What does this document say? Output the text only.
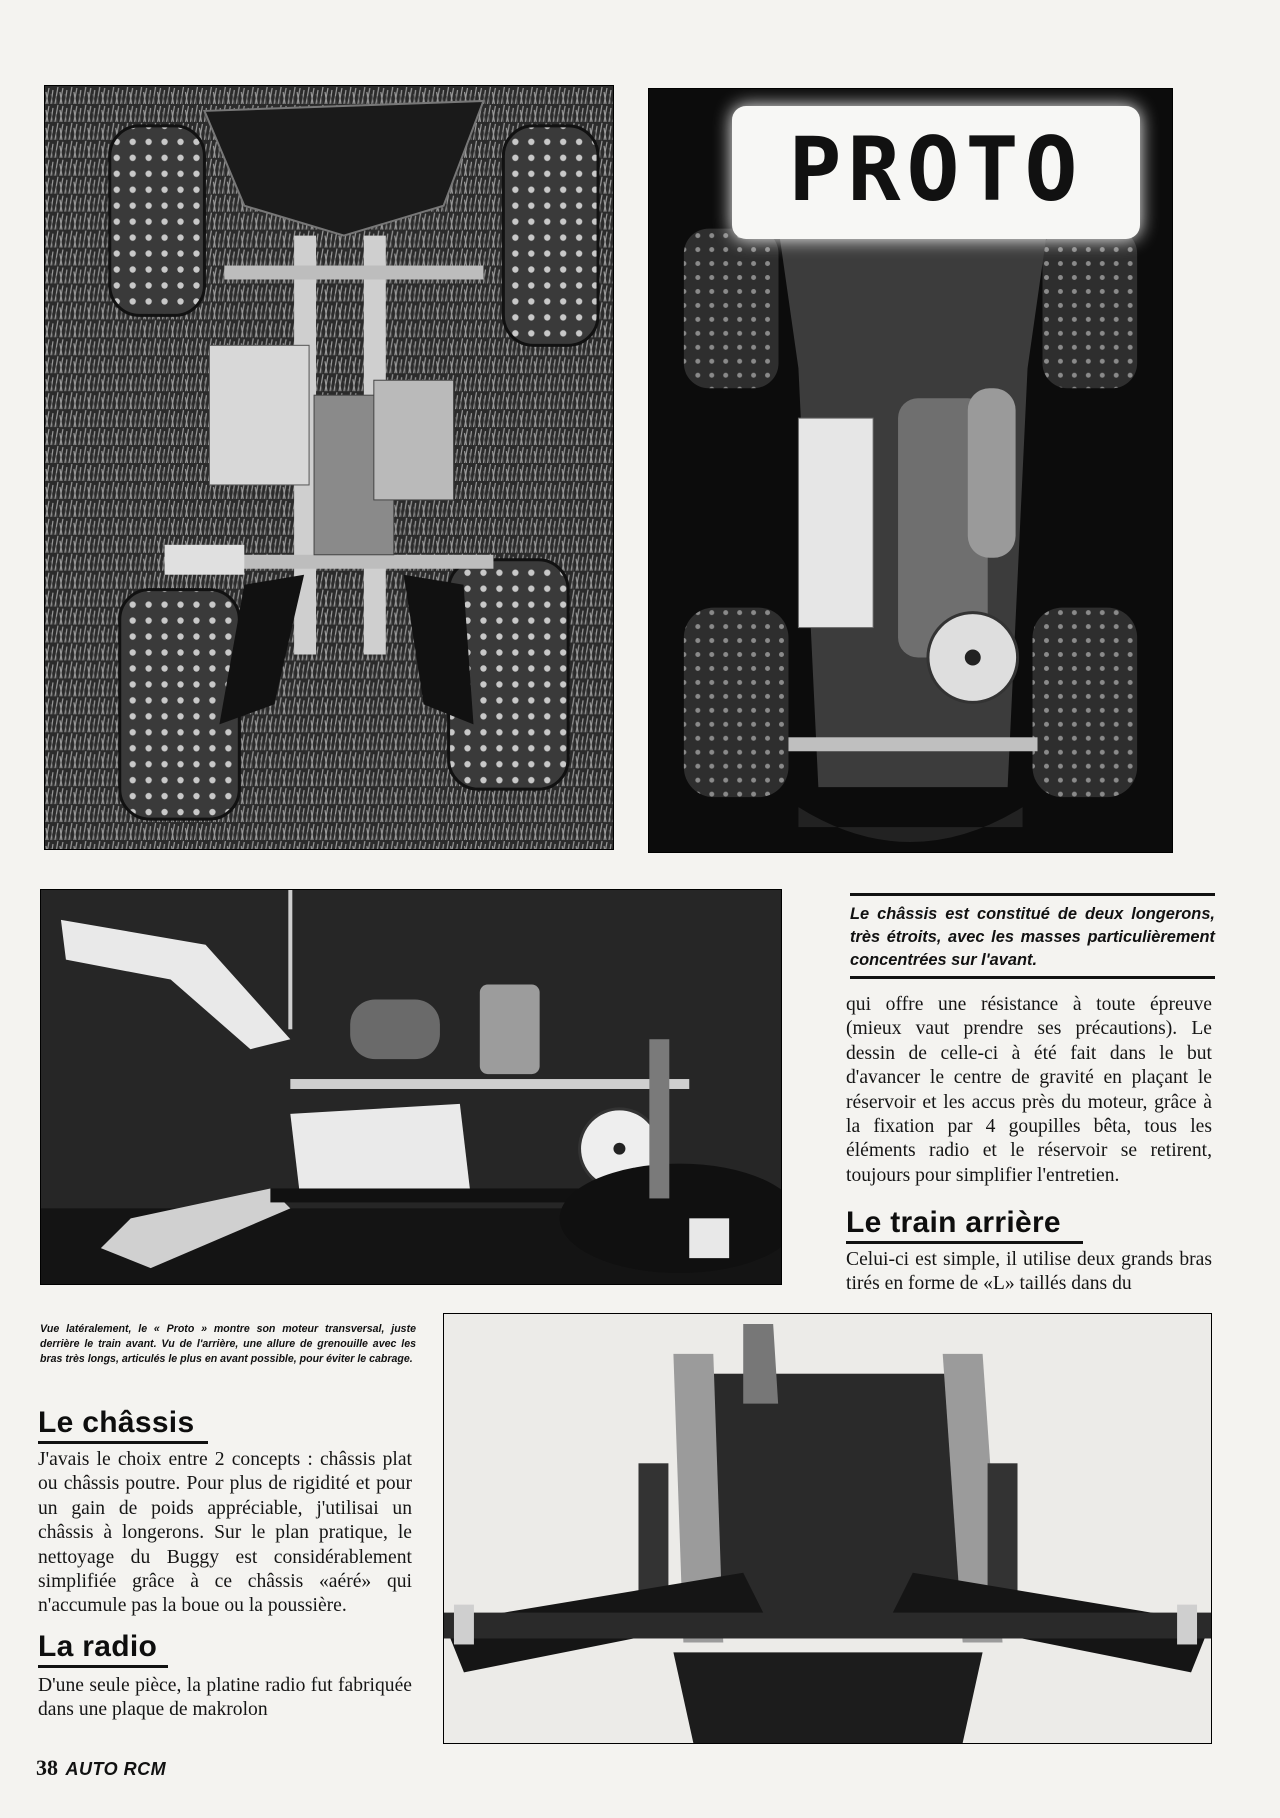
PROTO
Le châssis est constitué de deux longerons, très étroits, avec les masses particulièrement concentrées sur l'avant.
qui offre une résistance à toute épreuve (mieux vaut prendre ses précautions). Le dessin de celle-ci à été fait dans le but d'avancer le centre de gravité en plaçant le réservoir et les accus près du moteur, grâce à la fixation par 4 goupilles bêta, tous les éléments radio et le réservoir se retirent, toujours pour simplifier l'entretien.
Le train arrière
Celui-ci est simple, il utilise deux grands bras tirés en forme de «L» taillés dans du
Vue latéralement, le « Proto » montre son moteur transversal, juste derrière le train avant. Vu de l'arrière, une allure de grenouille avec les bras très longs, articulés le plus en avant possible, pour éviter le cabrage.
Le châssis
J'avais le choix entre 2 concepts : châssis plat ou châssis poutre. Pour plus de rigidité et pour un gain de poids appréciable, j'utilisai un châssis à longerons. Sur le plan pratique, le nettoyage du Buggy est considérablement simplifiée grâce à ce châssis «aéré» qui n'accumule pas la boue ou la poussière.
La radio
D'une seule pièce, la platine radio fut fabriquée dans une plaque de makrolon
38 AUTO RCM
